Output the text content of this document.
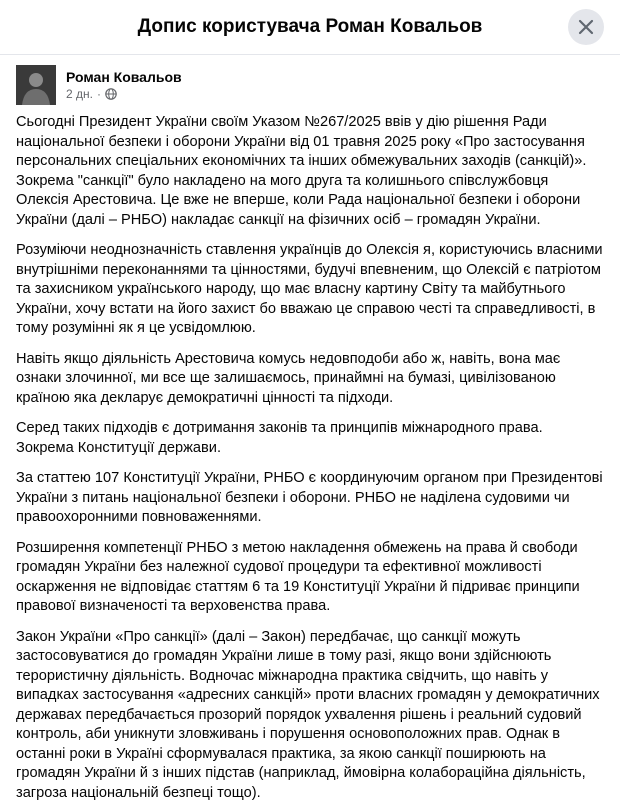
Допис користувача Роман Ковальов
Роман Ковальов
2 дн. ·

Сьогодні Президент України своїм Указом №267/2025 ввів у дію рішення Ради національної безпеки і оборони України від 01 травня 2025 року «Про застосування персональних спеціальних економічних та інших обмежувальних заходів (санкцій)». Зокрема "санкції" було накладено на мого друга та колишнього співслужбовця Олексія Арестовича. Це вже не вперше, коли Рада національної безпеки і оборони України (далі – РНБО) накладає санкції на фізичних осіб – громадян України.

Розуміючи неоднозначність ставлення українців до Олексія я, користуючись власними внутрішніми переконаннями та цінностями, будучі впевненим, що Олексій є патріотом та захисником українського народу, що має власну картину Світу та майбутнього України, хочу встати на його захист бо вважаю це справою честі та справедливості, в тому розумінні як я це усвідомлюю.

Навіть якщо діяльність Арестовича комусь недовподоби або ж, навіть, вона має ознаки злочинної, ми все ще залишаємось, принаймні на бумазі, цивілізованою країною яка декларує демократичні цінності та підходи.

Серед таких підходів є дотримання законів та принципів міжнародного права. Зокрема Конституції держави.

За статтею 107 Конституції України, РНБО є координуючим органом при Президентові України з питань національної безпеки і оборони. РНБО не наділена судовими чи правоохоронними повноваженнями.

Розширення компетенції РНБО з метою накладення обмежень на права й свободи громадян України без належної судової процедури та ефективної можливості оскарження не відповідає статтям 6 та 19 Конституції України й підриває принципи правової визначеності та верховенства права.

Закон України «Про санкції» (далі – Закон) передбачає, що санкції можуть застосовуватися до громадян України лише в тому разі, якщо вони здійснюють терористичну діяльність. Водночас міжнародна практика свідчить, що навіть у випадках застосування «адресних санкцій» проти власних громадян у демократичних державах передбачається прозорий порядок ухвалення рішень і реальний судовий контроль, аби уникнути зловживань і порушення основоположних прав. Однак в останні роки в Україні сформувалася практика, за якою санкції поширюють на громадян України й з інших підстав (наприклад, ймовірна колабораційна діяльність, загроза національній безпеці тощо).
